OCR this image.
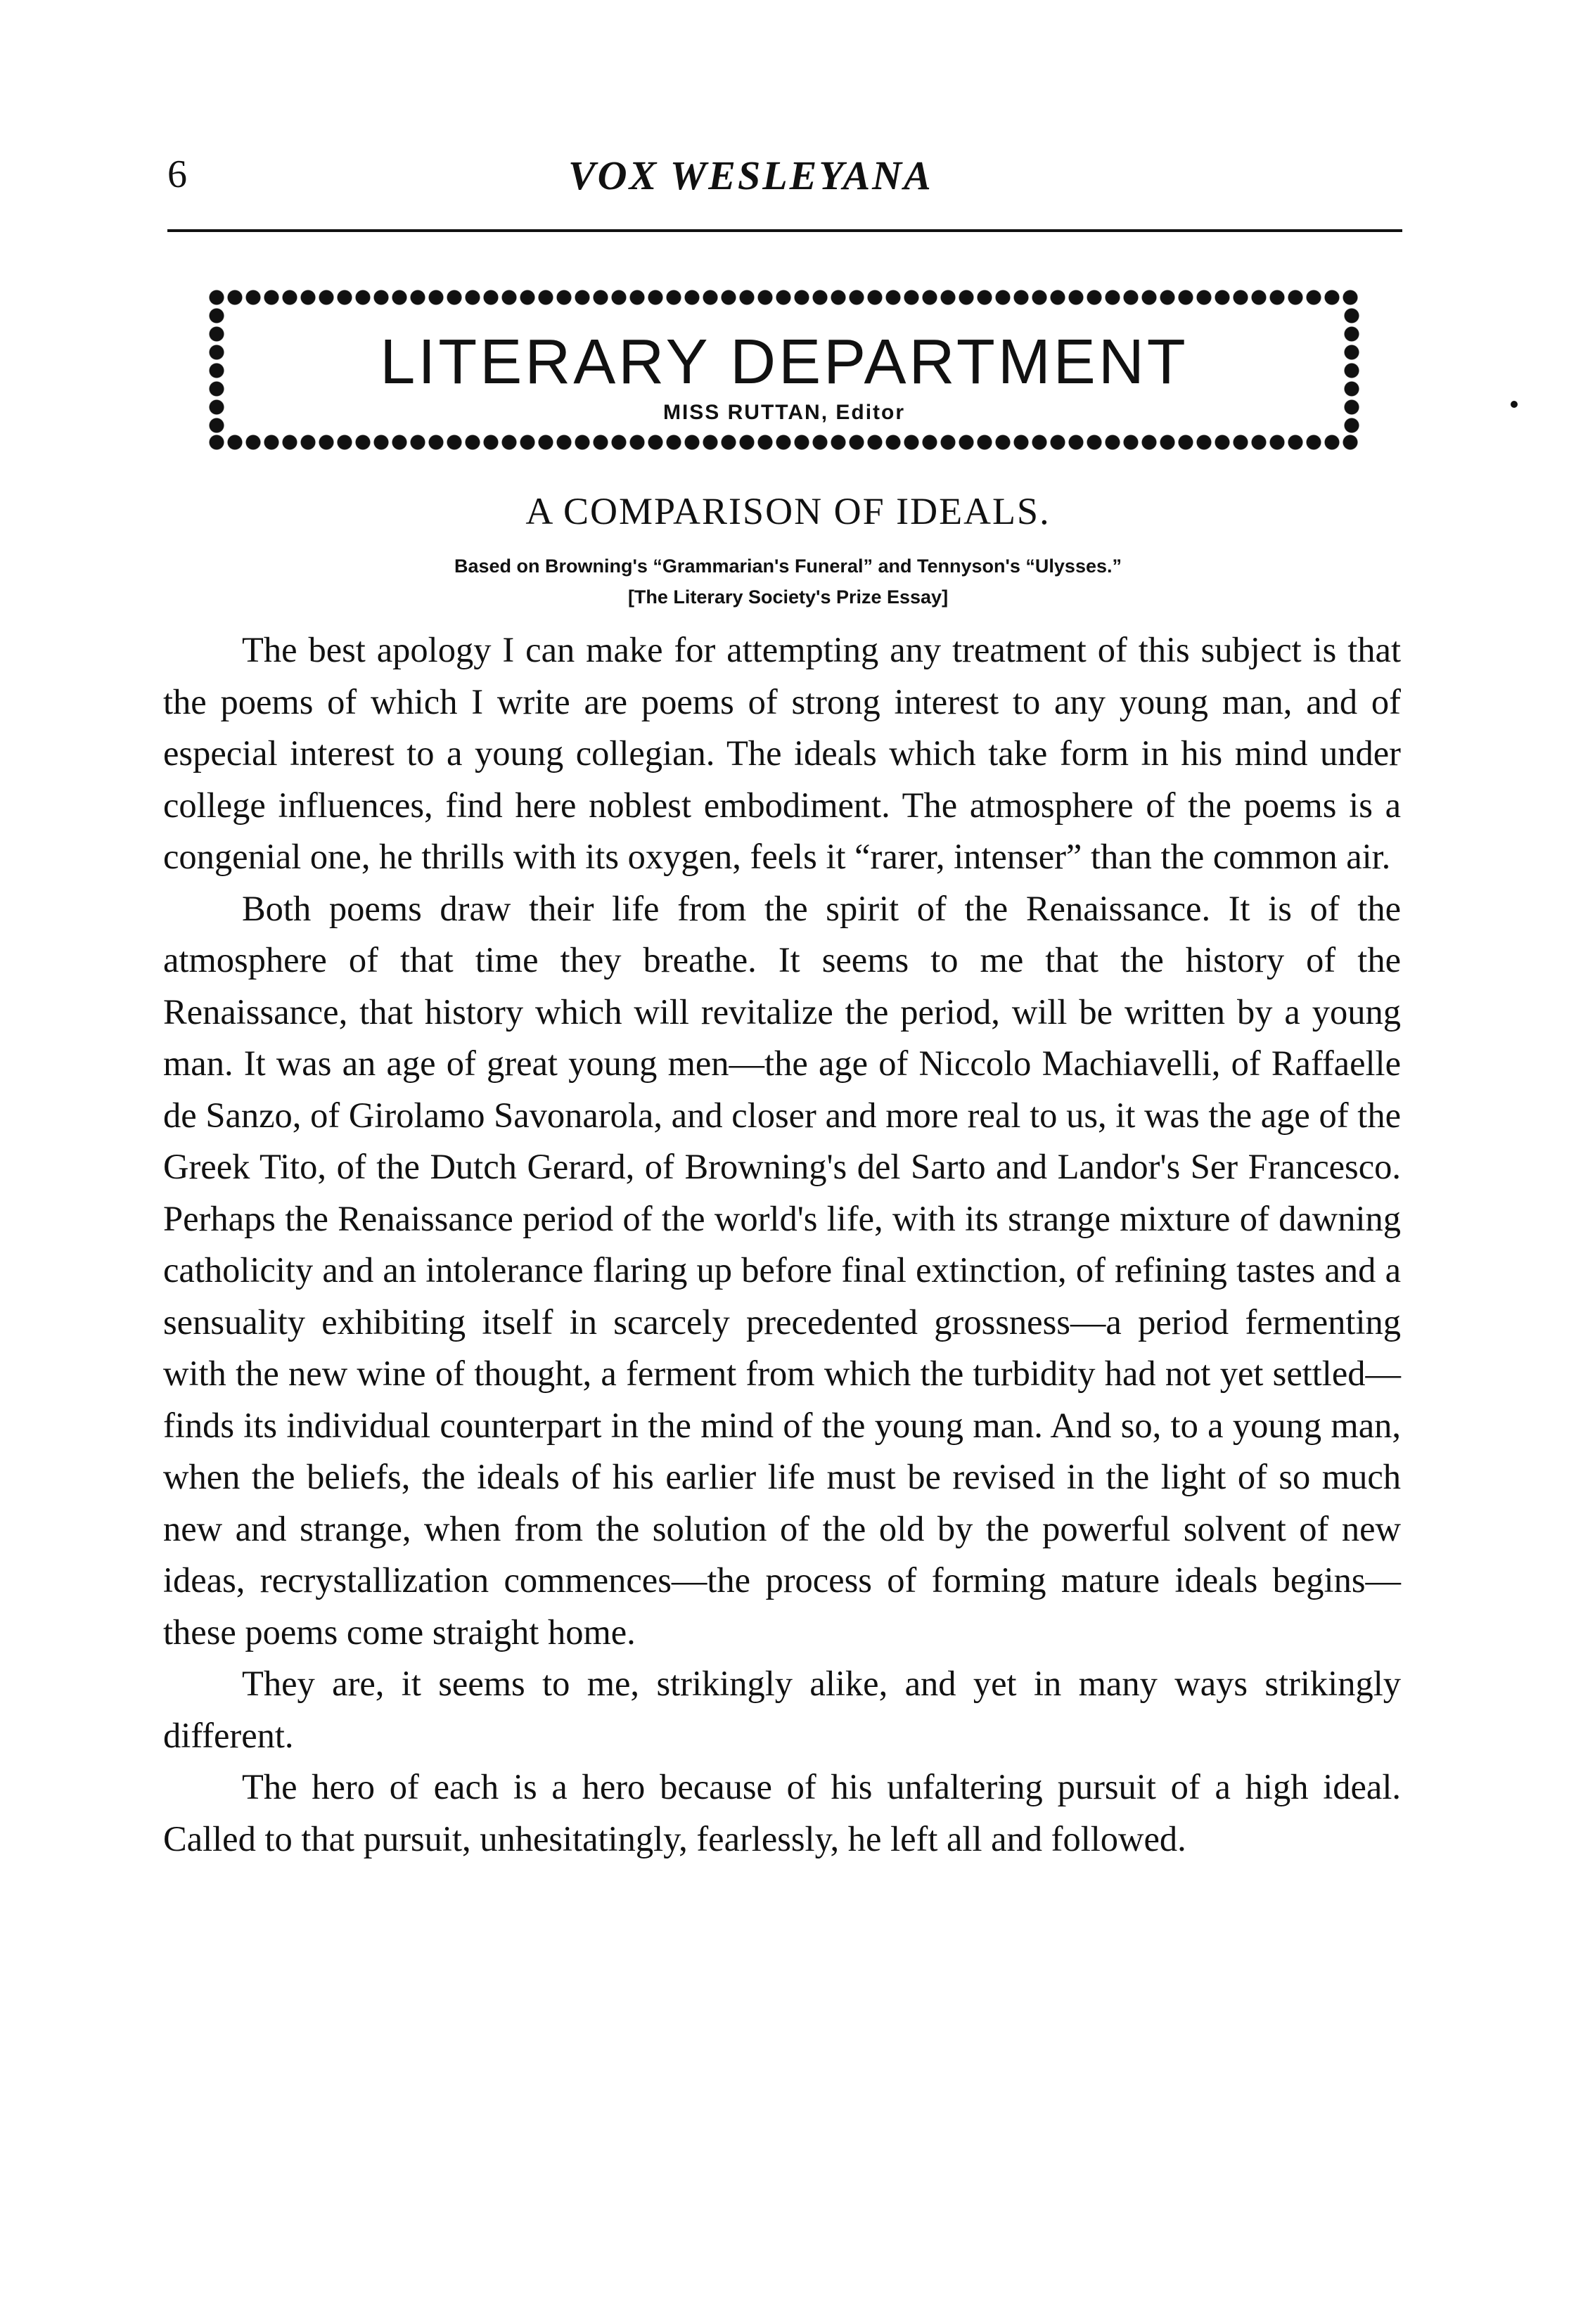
6	VOX WESLEYANA
LITERARY DEPARTMENT
MISS RUTTAN, Editor
A COMPARISON OF IDEALS.
Based on Browning's “Grammarian's Funeral” and Tennyson's “Ulysses.”
[The Literary Society's Prize Essay]

The best apology I can make for attempting any treatment of this subject is that the poems of which I write are poems of strong interest to any young man, and of especial interest to a young collegian. The ideals which take form in his mind under college influences, find here noblest embodiment. The atmosphere of the poems is a congenial one, he thrills with its oxygen, feels it “rarer, intenser” than the common air.

Both poems draw their life from the spirit of the Renaissance. It is of the atmosphere of that time they breathe. It seems to me that the history of the Renaissance, that history which will revitalize the period, will be written by a young man. It was an age of great young men—the age of Niccolo Machiavelli, of Raffaelle de Sanzo, of Girolamo Savonarola, and closer and more real to us, it was the age of the Greek Tito, of the Dutch Gerard, of Browning's del Sarto and Landor's Ser Francesco. Perhaps the Renaissance period of the world's life, with its strange mixture of dawning catholicity and an intolerance flaring up before final extinction, of refining tastes and a sensuality exhibiting itself in scarcely precedented grossness—a period fermenting with the new wine of thought, a ferment from which the turbidity had not yet settled—finds its individual counterpart in the mind of the young man. And so, to a young man, when the beliefs, the ideals of his earlier life must be revised in the light of so much new and strange, when from the solution of the old by the powerful solvent of new ideas, recrystallization commences—the process of forming mature ideals begins—these poems come straight home.

They are, it seems to me, strikingly alike, and yet in many ways strikingly different.

The hero of each is a hero because of his unfaltering pursuit of a high ideal. Called to that pursuit, unhesitatingly, fearlessly, he left all and followed.
